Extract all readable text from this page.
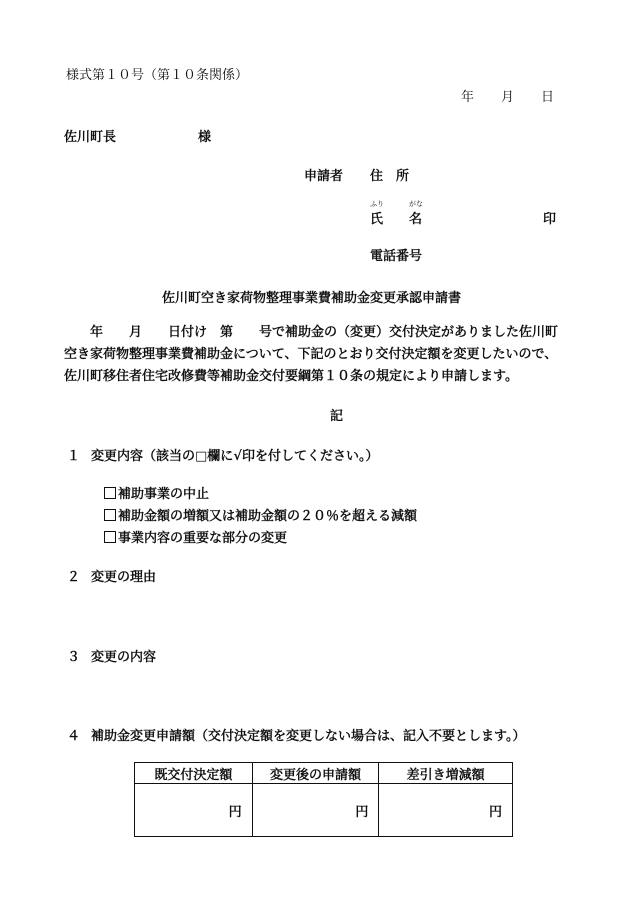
様式第１０号（第１０条関係）
年 月 日
佐川町長	様
申請者 住　所
ふり
氏
がな
名	印
電話番号
佐川町空き家荷物整理事業費補助金変更承認申請書
年　　月　　日付け　第　　号で補助金の（変更）交付決定がありました佐川町
空き家荷物整理事業費補助金について、下記のとおり交付決定額を変更したいので、
佐川町移住者住宅改修費等補助金交付要綱第１０条の規定により申請します。
記
１ 変更内容（該当の□欄に√印を付してください。）
補助事業の中止
補助金額の増額又は補助金額の２０％を超える減額
事業内容の重要な部分の変更
２ 変更の理由
３ 変更の内容
４ 補助金変更申請額（交付決定額を変更しない場合は、記入不要とします。）
既交付決定額	変更後の申請額	差引き増減額
円	円	円
